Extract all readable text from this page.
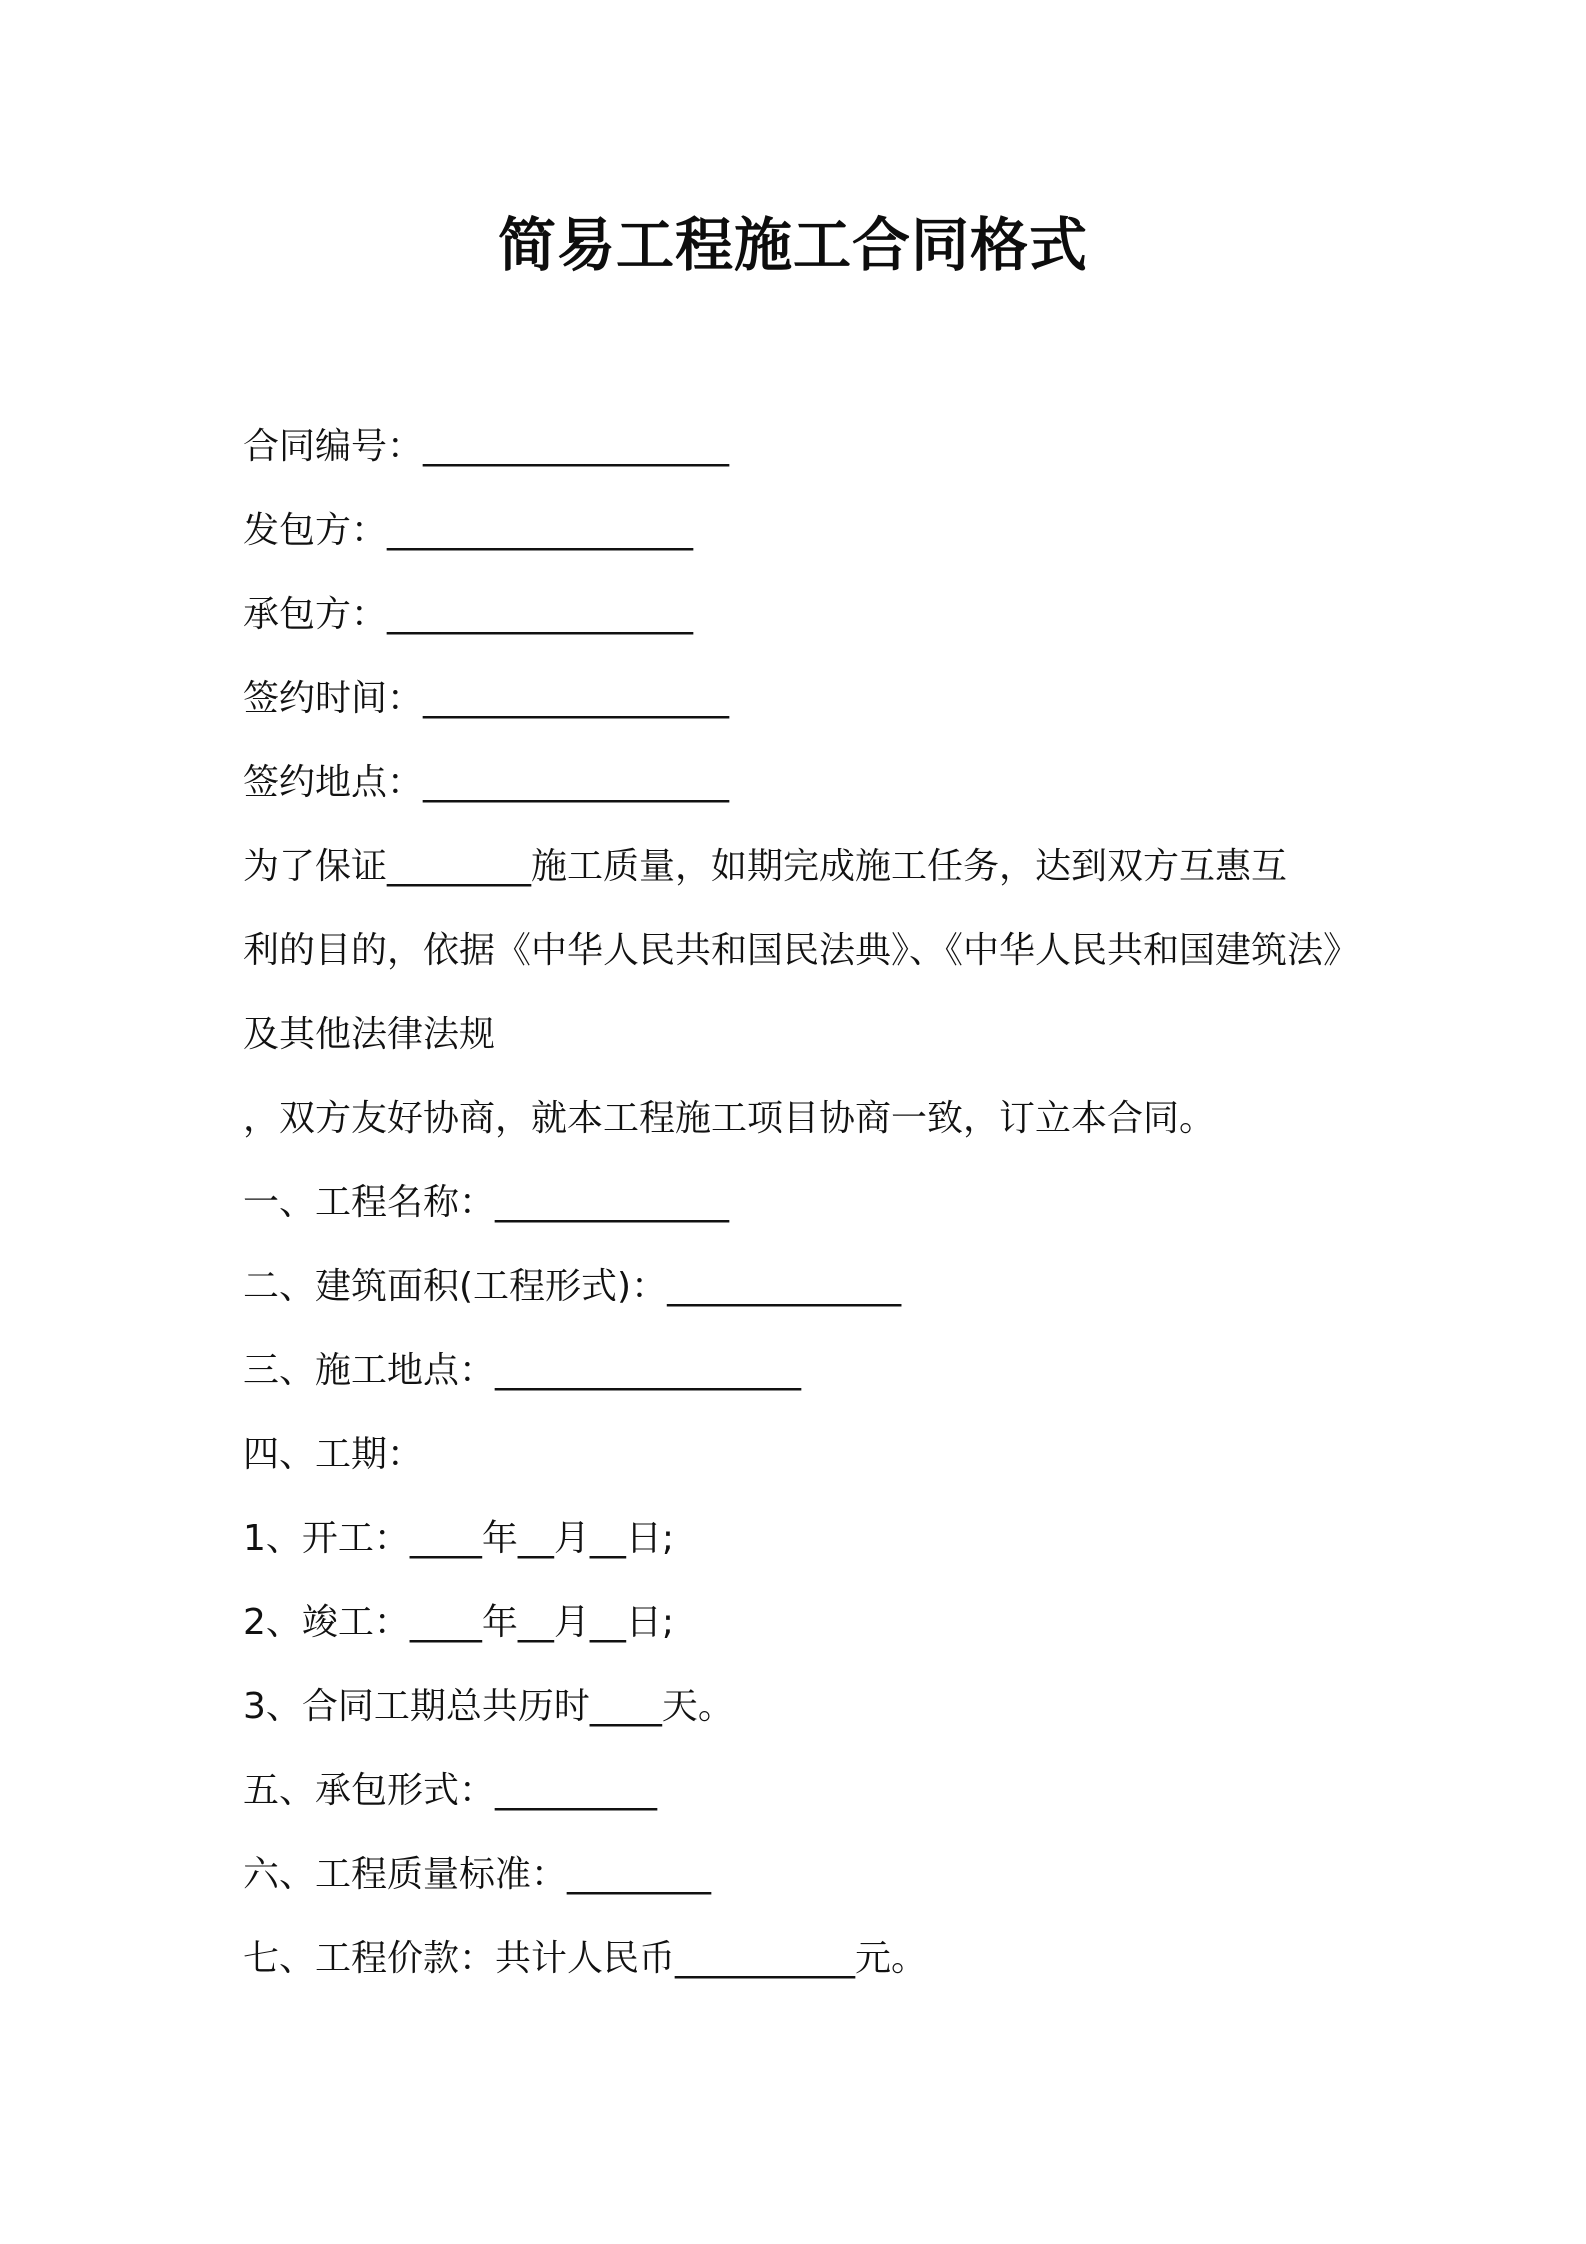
简易工程施工合同格式
合同编号：_________________
发包方：_________________
承包方：_________________
签约时间：_________________
签约地点：_________________
为了保证________施工质量，如期完成施工任务，达到双方互惠互
利的目的，依据《中华人民共和国民法典》、《中华人民共和国建筑法》
及其他法律法规
，双方友好协商，就本工程施工项目协商一致，订立本合同。
一、工程名称：_____________
二、建筑面积(工程形式)：_____________
三、施工地点：_________________
四、工期：
1、开工：____年__月__日;
2、竣工：____年__月__日;
3、合同工期总共历时____天。
五、承包形式：_________
六、工程质量标准：________
七、工程价款：共计人民币__________元。
